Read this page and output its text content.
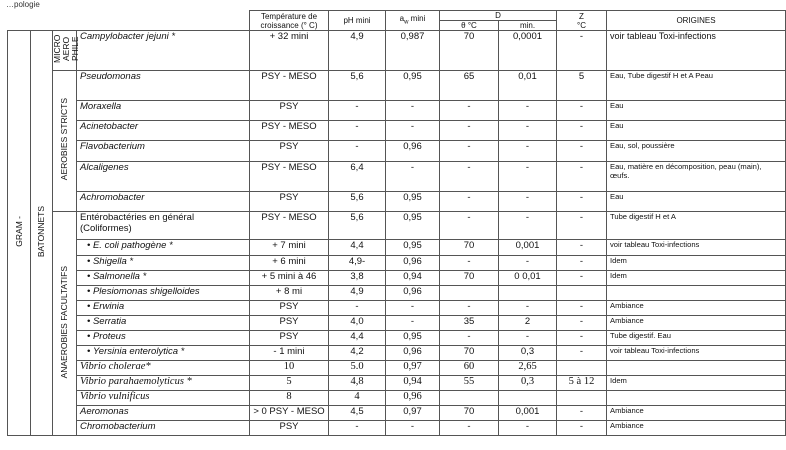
…pologie
				Température de croissance (° C)	pH mini	$a_w$ mini	D		Z
°C	ORIGINES
							θ °C	min.		
GRAM -	BATONNETS	MICRO AERO PHILE	Campylobacter jejuni *	+ 32 mini	4,9	0,987	70	0,0001	-	voir tableau Toxi-infections
		AEROBIES STRICTS	Pseudomonas	PSY - MESO	5,6	0,95	65	0,01	5	Eau, Tube digestif H et A Peau
			Moraxella	PSY	-	-	-	-	-	Eau
			Acinetobacter	PSY - MESO	-	-	-	-	-	Eau
			Flavobacterium	PSY	-	0,96	-	-	-	Eau, sol, poussière
			Alcaligenes	PSY - MESO	6,4	-	-	-	-	Eau, matière en décomposition, peau (main), œufs.
			Achromobacter	PSY	5,6	0,95	-	-	-	Eau
		ANAEROBIES FACULTATIFS	Entérobactéries en général
(Coliformes)	PSY - MESO	5,6	0,95	-	-	-	Tube digestif H et A
			• E. coli pathogène *	+ 7 mini	4,4	0,95	70	0,001	-	voir tableau Toxi-infections
			• Shigella *	+ 6 mini	4,9-	0,96	-	-	-	Idem
			• Salmonella *	+ 5 mini à 46	3,8	0,94	70	0 0,01	-	Idem
			• Plesiomonas shigelloides	+ 8 mi	4,9	0,96				
			• Erwinia	PSY	-	-	-	-	-	Ambiance
			• Serratia	PSY	4,0	-	35	2	-	Ambiance
			• Proteus	PSY	4,4	0,95	-	-	-	Tube digestif. Eau
			• Yersinia enterolytica *	- 1 mini	4,2	0,96	70	0,3	-	voir tableau Toxi-infections
			Vibrio cholerae*	10	5.0	0,97	60	2,65		
			Vibrio parahaemolyticus *	5	4,8	0,94	55	0,3	5 à 12	Idem
			Vibrio vulnificus	8	4	0,96				
			Aeromonas	> 0 PSY - MESO	4,5	0,97	70	0,001	-	Ambiance
			Chromobacterium	PSY	-	-	-	-	-	Ambiance
